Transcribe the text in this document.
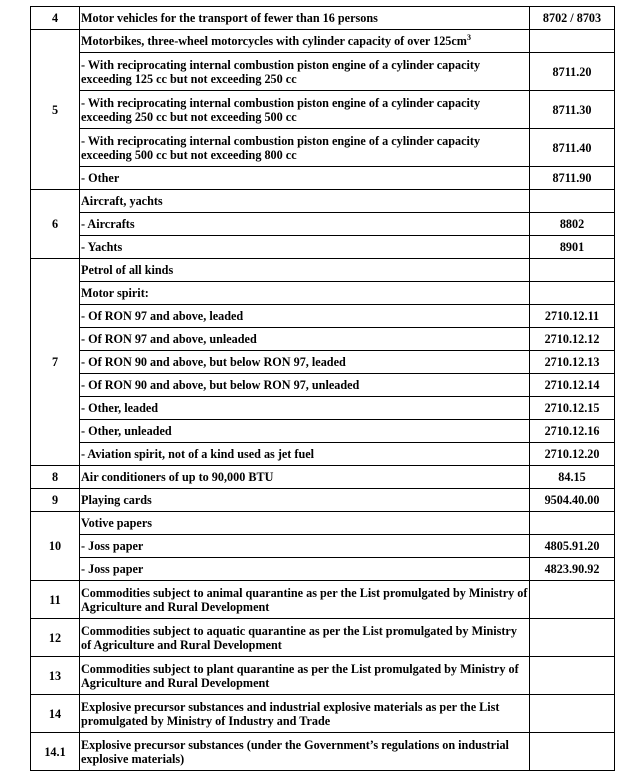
4	Motor vehicles for the transport of fewer than 16 persons	8702 / 8703
5	Motorbikes, three-wheel motorcycles with cylinder capacity of over $125cm^3$	
	- With reciprocating internal combustion piston engine of a cylinder capacity exceeding 125 cc but not exceeding 250 cc	8711.20
	- With reciprocating internal combustion piston engine of a cylinder capacity exceeding 250 cc but not exceeding 500 cc	8711.30
	- With reciprocating internal combustion piston engine of a cylinder capacity exceeding 500 cc but not exceeding 800 cc	8711.40
	- Other	8711.90
6	Aircraft, yachts	
	- Aircrafts	8802
	- Yachts	8901
7	Petrol of all kinds	
	Motor spirit:	
	- Of RON 97 and above, leaded	2710.12.11
	- Of RON 97 and above, unleaded	2710.12.12
	- Of RON 90 and above, but below RON 97, leaded	2710.12.13
	- Of RON 90 and above, but below RON 97, unleaded	2710.12.14
	- Other, leaded	2710.12.15
	- Other, unleaded	2710.12.16
	- Aviation spirit, not of a kind used as jet fuel	2710.12.20
8	Air conditioners of up to 90,000 BTU	84.15
9	Playing cards	9504.40.00
10	Votive papers	
	- Joss paper	4805.91.20
	- Joss paper	4823.90.92
11	Commodities subject to animal quarantine as per the List promulgated by Ministry of Agriculture and Rural Development	
12	Commodities subject to aquatic quarantine as per the List promulgated by Ministry of Agriculture and Rural Development	
13	Commodities subject to plant quarantine as per the List promulgated by Ministry of Agriculture and Rural Development	
14	Explosive precursor substances and industrial explosive materials as per the List promulgated by Ministry of Industry and Trade	
14.1	Explosive precursor substances (under the Government’s regulations on industrial explosive materials)	
